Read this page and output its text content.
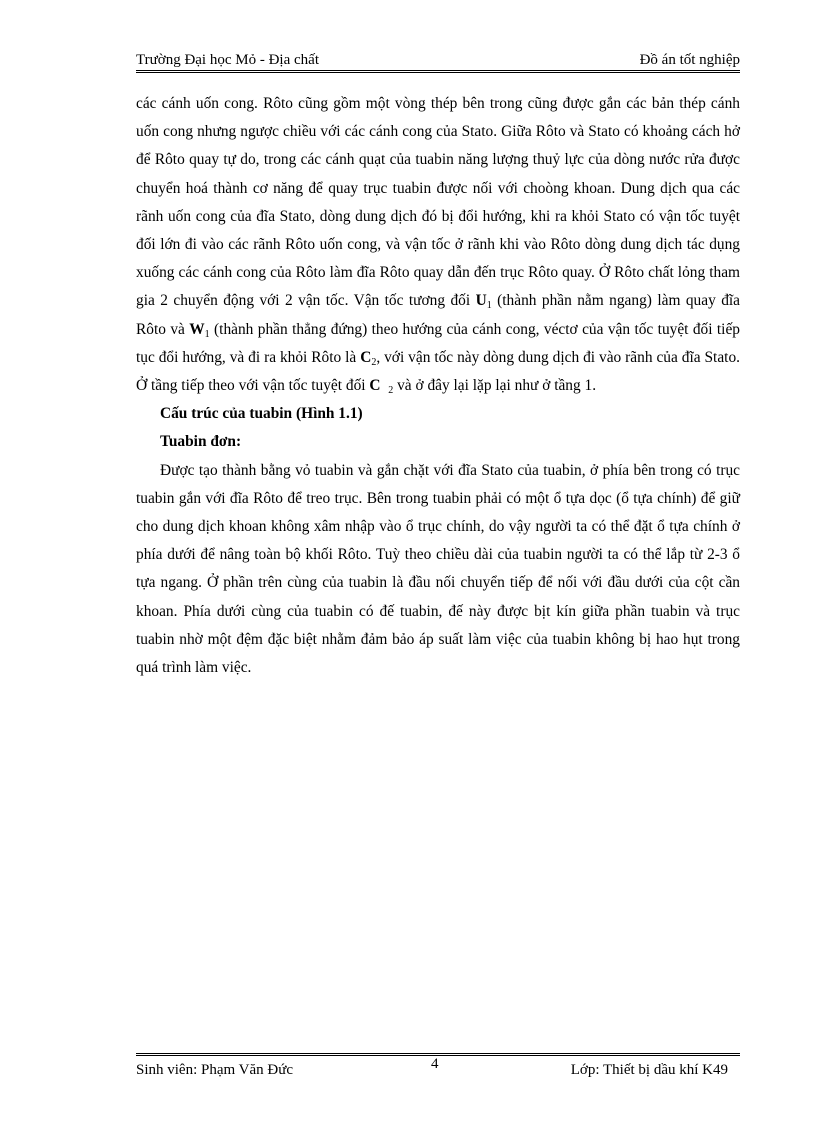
Trường Đại học Mỏ - Địa chất	Đồ án tốt nghiệp

các cánh uốn cong. Rôto cũng gồm một vòng thép bên trong cũng được gắn các bản thép cánh uốn cong nhưng ngược chiều với các cánh cong của Stato. Giữa Rôto và Stato có khoảng cách hở để Rôto quay tự do, trong các cánh quạt của tuabin năng lượng thuỷ lực của dòng nước rửa được chuyển hoá thành cơ năng để quay trục tuabin được nối với choòng khoan. Dung dịch qua các rãnh uốn cong của đĩa Stato, dòng dung dịch đó bị đổi hướng, khi ra khỏi Stato có vận tốc tuyệt đối lớn đi vào các rãnh Rôto uốn cong, và vận tốc ở rãnh khi vào Rôto dòng dung dịch tác dụng xuống các cánh cong của Rôto làm đĩa Rôto quay dẫn đến trục Rôto quay. Ở Rôto chất lỏng tham gia 2 chuyển động với 2 vận tốc. Vận tốc tương đối $U_1$ (thành phần nằm ngang) làm quay đĩa Rôto và $W_1$ (thành phần thẳng đứng) theo hướng của cánh cong, véctơ của vận tốc tuyệt đối tiếp tục đổi hướng, và đi ra khỏi Rôto là $C_2$, với vận tốc này dòng dung dịch đi vào rãnh của đĩa Stato. Ở tầng tiếp theo với vận tốc tuyệt đối C $_2$ và ở đây lại lặp lại như ở tầng 1.

Cấu trúc của tuabin (Hình 1.1)

Tuabin đơn:

Được tạo thành bằng vỏ tuabin và gắn chặt với đĩa Stato của tuabin, ở phía bên trong có trục tuabin gắn với đĩa Rôto để treo trục. Bên trong tuabin phải có một ổ tựa dọc (ổ tựa chính) để giữ cho dung dịch khoan không xâm nhập vào ổ trục chính, do vậy người ta có thể đặt ổ tựa chính ở phía dưới để nâng toàn bộ khối Rôto. Tuỳ theo chiều dài của tuabin người ta có thể lắp từ 2-3 ổ tựa ngang. Ở phần trên cùng của tuabin là đầu nối chuyển tiếp để nối với đầu dưới của cột cần khoan. Phía dưới cùng của tuabin có đế tuabin, đế này được bịt kín giữa phần tuabin và trục tuabin nhờ một đệm đặc biệt nhằm đảm bảo áp suất làm việc của tuabin không bị hao hụt trong quá trình làm việc.

Sinh viên: Phạm Văn Đức	4	Lớp: Thiết bị dầu khí K49
